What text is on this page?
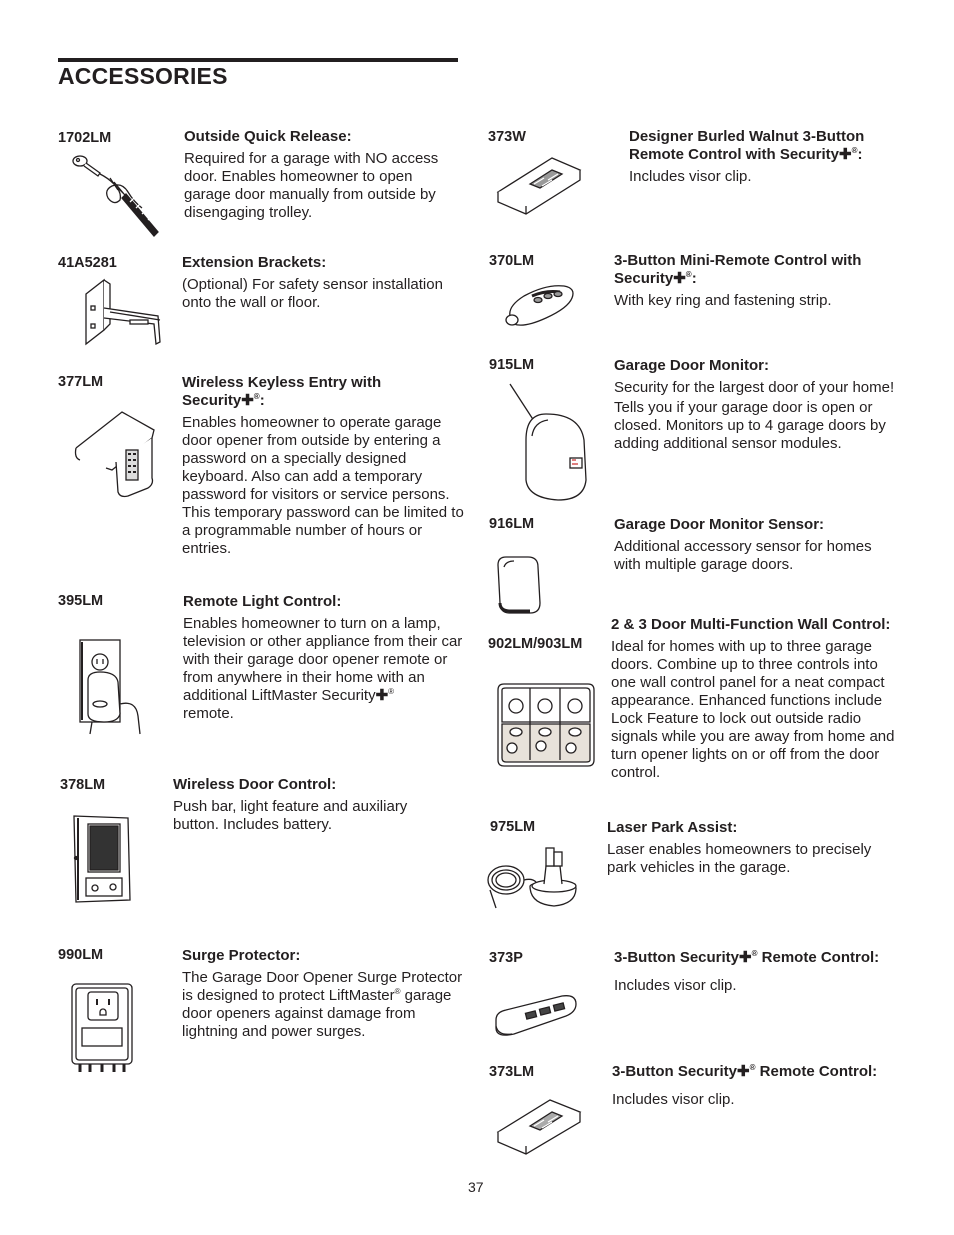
ACCESSORIES
1702LM	Outside Quick Release:
Required for a garage with NO access door. Enables homeowner to open garage door manually from outside by disengaging trolley.
41A5281	Extension Brackets:
(Optional) For safety sensor installation onto the wall or floor.
377LM	Wireless Keyless Entry with
Security✚®:
Enables homeowner to operate garage door opener from outside by entering a password on a specially designed keyboard. Also can add a temporary password for visitors or service persons. This temporary password can be limited to a programmable number of hours or entries.
395LM	Remote Light Control:
Enables homeowner to turn on a lamp, television or other appliance from their car with their garage door opener remote or from anywhere in their home with an additional LiftMaster Security✚®
remote.
378LM	Wireless Door Control:
Push bar, light feature and auxiliary button. Includes battery.
990LM	Surge Protector:
The Garage Door Opener Surge Protector is designed to protect LiftMaster® garage door openers against damage from lightning and power surges.
373W	Designer Burled Walnut 3-Button Remote Control with Security✚®:
Includes visor clip.
370LM	3-Button Mini-Remote Control with Security✚®:
With key ring and fastening strip.
915LM	Garage Door Monitor:
Security for the largest door of your home!
Tells you if your garage door is open or closed. Monitors up to 4 garage doors by adding additional sensor modules.
916LM	Garage Door Monitor Sensor:
Additional accessory sensor for homes with multiple garage doors.
902LM/903LM
2 & 3 Door Multi-Function Wall Control:
Ideal for homes with up to three garage doors. Combine up to three controls into one wall control panel for a neat compact appearance. Enhanced functions include Lock Feature to lock out outside radio signals while you are away from home and turn opener lights on or off from the door control.
975LM	Laser Park Assist:
Laser enables homeowners to precisely park vehicles in the garage.
373P	3-Button Security✚® Remote Control:
Includes visor clip.
373LM	3-Button Security✚® Remote Control:
Includes visor clip.
37
